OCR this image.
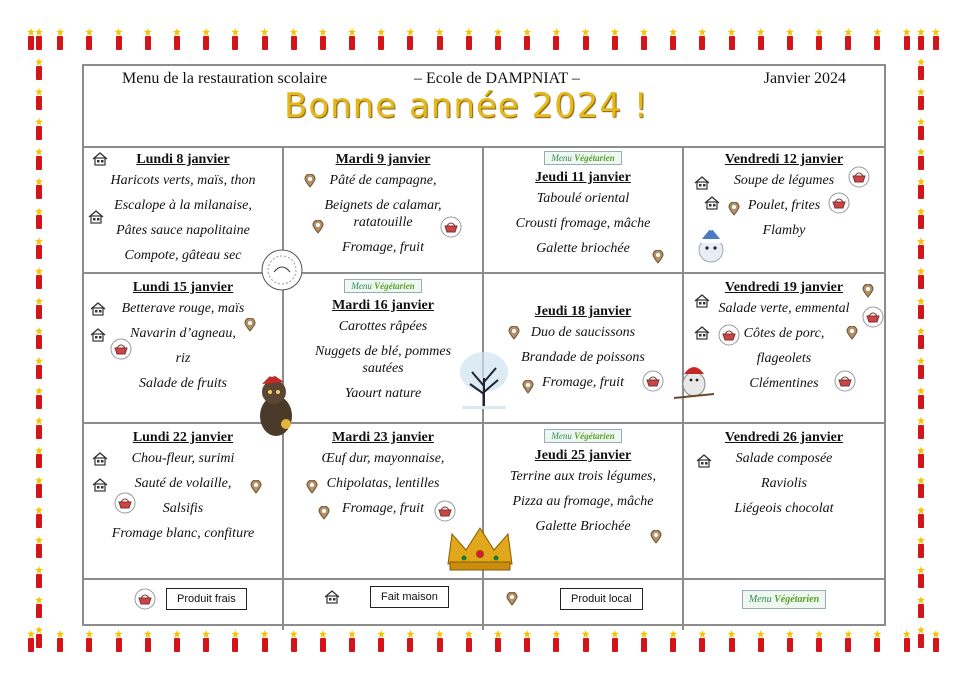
Menu de la restauration scolaire	– Ecole de DAMPNIAT –	Janvier 2024
Bonne année 2024 !
Lundi 8 janvier
Haricots verts, maïs, thon
Escalope à la milanaise,
Pâtes sauce napolitaine
Compote, gâteau sec
Mardi 9 janvier
Pâté de campagne,
Beignets de calamar, ratatouille
Fromage, fruit
Menu Végétarien
Jeudi 11 janvier
Taboulé oriental
Crousti fromage, mâche
Galette briochée
Vendredi 12 janvier
Soupe de légumes
Poulet, frites
Flamby
Lundi 15 janvier
Betterave rouge, maïs
Navarin d’agneau,
riz
Salade de fruits
Menu Végétarien
Mardi 16 janvier
Carottes râpées
Nuggets de blé, pommes sautées
Yaourt nature
Jeudi 18 janvier
Duo de saucissons
Brandade de poissons
Fromage, fruit
Vendredi 19 janvier
Salade verte, emmental
Côtes de porc,
flageolets
Clémentines
Lundi 22 janvier
Chou-fleur, surimi
Sauté de volaille,
Salsifis
Fromage blanc, confiture
Mardi 23 janvier
Œuf dur, mayonnaise,
Chipolatas, lentilles
Fromage, fruit
Menu Végétarien
Jeudi 25 janvier
Terrine aux trois légumes,
Pizza au fromage, mâche
Galette Briochée
Vendredi 26 janvier
Salade composée
Raviolis
Liégeois chocolat
Produit frais	Fait maison	Produit local	Menu Végétarien
